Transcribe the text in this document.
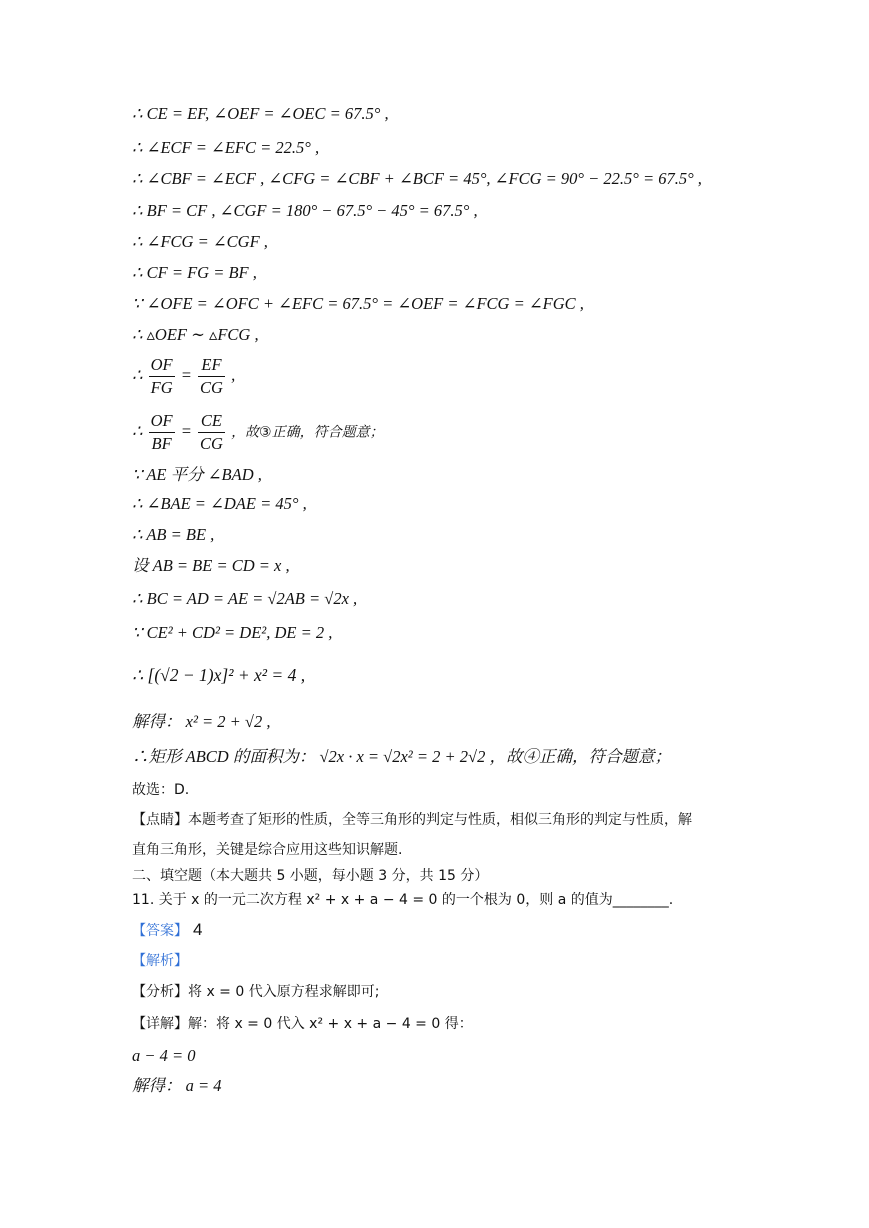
∴ CE = EF, ∠OEF = ∠OEC = 67.5° ,
∴ ∠ECF = ∠EFC = 22.5° ,
∴ ∠CBF = ∠ECF , ∠CFG = ∠CBF + ∠BCF = 45°, ∠FCG = 90° − 22.5° = 67.5° ,
∴ BF = CF , ∠CGF = 180° − 67.5° − 45° = 67.5° ,
∴ ∠FCG = ∠CGF ,
∴ CF = FG = BF ,
∵ ∠OFE = ∠OFC + ∠EFC = 67.5° = ∠OEF = ∠FCG = ∠FGC ,
∴ ▵OEF ∼ ▵FCG ,
∴ $\frac{OF}{FG} = \frac{EF}{CG}$ ,
∴ $\frac{OF}{BF} = \frac{CE}{CG}$ ，故③正确，符合题意；
∵ AE 平分 ∠BAD ,
∴ ∠BAE = ∠DAE = 45° ,
∴ AB = BE ,
设 AB = BE = CD = x ,
∴ BC = AD = AE = √2AB = √2x ,
∵ CE² + CD² = DE², DE = 2 ,
∴ [(√2 − 1)x]² + x² = 4 ,
解得： x² = 2 + √2 ,
∴矩形 ABCD 的面积为： √2x · x = √2x² = 2 + 2√2 ，故④正确，符合题意；
故选：D.
【点睛】本题考查了矩形的性质，全等三角形的判定与性质，相似三角形的判定与性质，解
直角三角形，关键是综合应用这些知识解题.
二、填空题（本大题共 5 小题，每小题 3 分，共 15 分）
11. 关于 x 的一元二次方程 x² + x + a − 4 = 0 的一个根为 0，则 a 的值为________.
【答案】 4
【解析】
【分析】将 x = 0 代入原方程求解即可;
【详解】解：将 x = 0 代入 x² + x + a − 4 = 0 得：
a − 4 = 0
解得： a = 4
